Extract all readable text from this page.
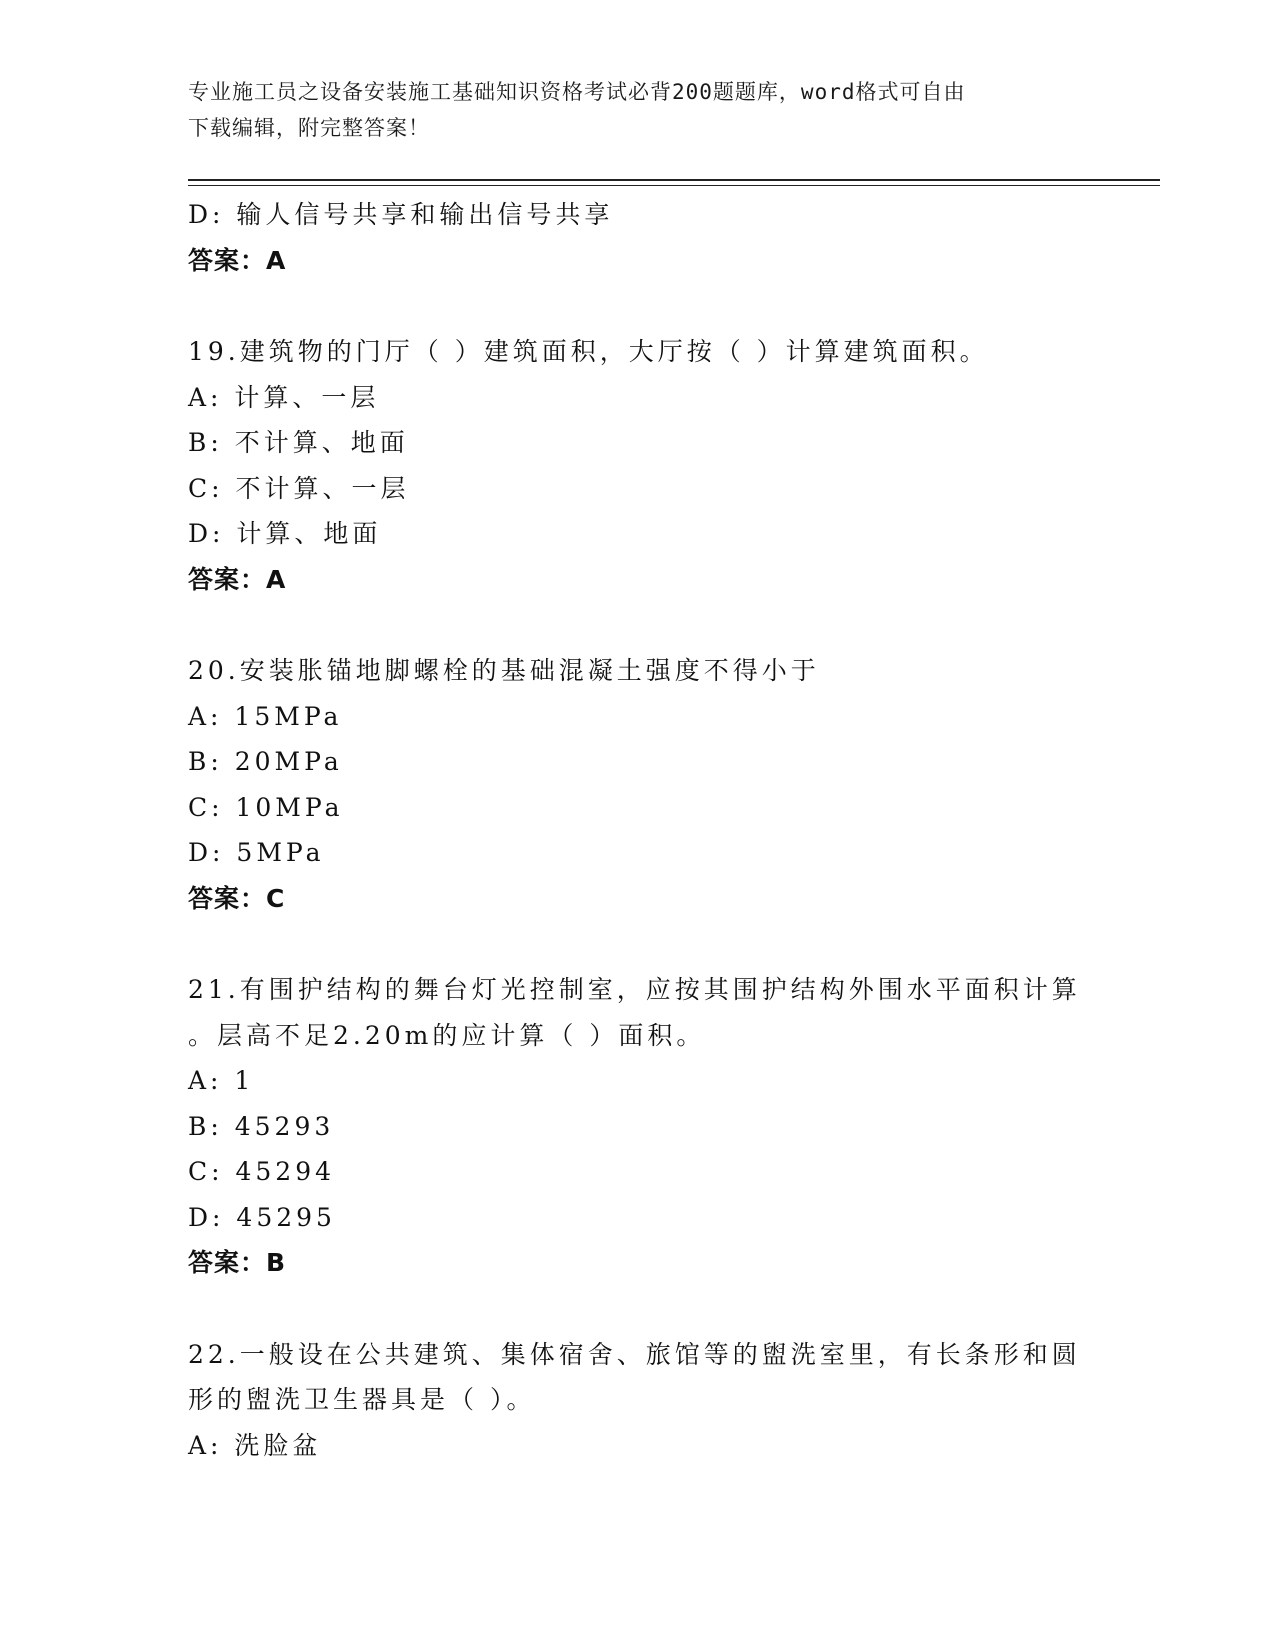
专业施工员之设备安装施工基础知识资格考试必背200题题库，word格式可自由
下载编辑，附完整答案！
D: 输人信号共享和输出信号共享
答案：A
19.建筑物的门厅（ ）建筑面积，大厅按（ ）计算建筑面积。
A: 计算、一层
B: 不计算、地面
C: 不计算、一层
D: 计算、地面
答案：A
20.安装胀锚地脚螺栓的基础混凝土强度不得小于
A: 15MPa
B: 20MPa
C: 10MPa
D: 5MPa
答案：C
21.有围护结构的舞台灯光控制室，应按其围护结构外围水平面积计算
。层高不足2.20m的应计算（ ）面积。
A: 1
B: 45293
C: 45294
D: 45295
答案：B
22.一般设在公共建筑、集体宿舍、旅馆等的盥洗室里，有长条形和圆
形的盥洗卫生器具是（ ）。
A: 洗脸盆
